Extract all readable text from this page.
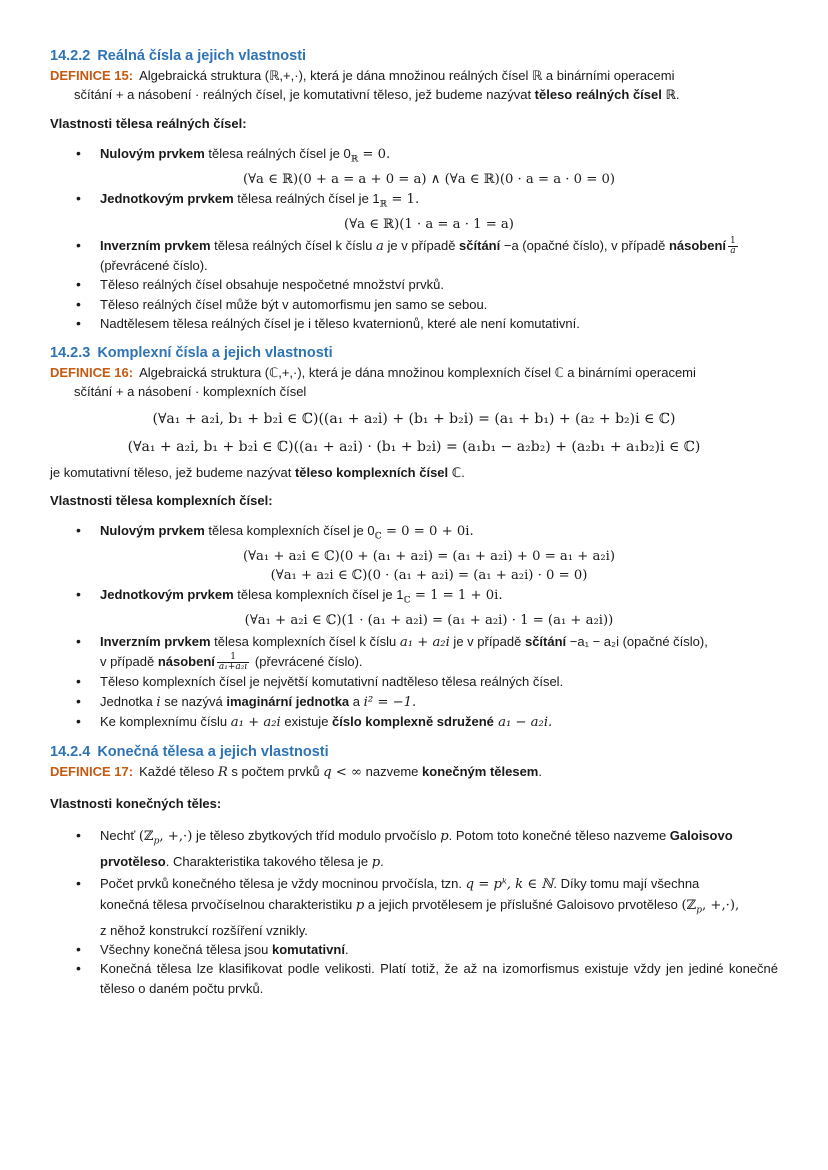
14.2.2 Reálná čísla a jejich vlastnosti
DEFINICE 15: Algebraická struktura (ℝ,+,·), která je dána množinou reálných čísel ℝ a binárními operacemi
sčítání + a násobení · reálných čísel, je komutativní těleso, jež budeme nazývat těleso reálných čísel ℝ.
Vlastnosti tělesa reálných čísel:
• Nulovým prvkem tělesa reálných čísel je $0_ℝ = 0$.
(∀a ∈ ℝ)(0 + a = a + 0 = a) ∧ (∀a ∈ ℝ)(0 · a = a · 0 = 0)
• Jednotkovým prvkem tělesa reálných čísel je $1_ℝ = 1$.
(∀a ∈ ℝ)(1 · a = a · 1 = a)
• Inverzním prvkem tělesa reálných čísel k číslu a je v případě sčítání −a (opačné číslo), v případě násobení $\frac{1}{a}$

(převrácené číslo).
• Těleso reálných čísel obsahuje nespočetné množství prvků.
• Těleso reálných čísel může být v automorfismu jen samo se sebou.
• Nadtělesem tělesa reálných čísel je i těleso kvaternionů, které ale není komutativní.
14.2.3 Komplexní čísla a jejich vlastnosti
DEFINICE 16: Algebraická struktura (ℂ,+,·), která je dána množinou komplexních čísel ℂ a binárními operacemi
sčítání + a násobení · komplexních čísel
(∀a₁ + a₂i, b₁ + b₂i ∈ ℂ)((a₁ + a₂i) + (b₁ + b₂i) = (a₁ + b₁) + (a₂ + b₂)i ∈ ℂ)
(∀a₁ + a₂i, b₁ + b₂i ∈ ℂ)((a₁ + a₂i) · (b₁ + b₂i) = (a₁b₁ − a₂b₂) + (a₂b₁ + a₁b₂)i ∈ ℂ)
je komutativní těleso, jež budeme nazývat těleso komplexních čísel ℂ.
Vlastnosti tělesa komplexních čísel:
• Nulovým prvkem tělesa komplexních čísel je $0_ℂ = 0 = 0 + 0i$.
(∀a₁ + a₂i ∈ ℂ)(0 + (a₁ + a₂i) = (a₁ + a₂i) + 0 = a₁ + a₂i)
(∀a₁ + a₂i ∈ ℂ)(0 · (a₁ + a₂i) = (a₁ + a₂i) · 0 = 0)
• Jednotkovým prvkem tělesa komplexních čísel je $1_ℂ = 1 = 1 + 0i$.
(∀a₁ + a₂i ∈ ℂ)(1 · (a₁ + a₂i) = (a₁ + a₂i) · 1 = (a₁ + a₂i))
• Inverzním prvkem tělesa komplexních čísel k číslu a₁ + a₂i je v případě sčítání −a₁ − a₂i (opačné číslo),
v případě násobení $\frac{1}{\text{a₁+a₂i}}$ (převrácené číslo).
• Těleso komplexních čísel je největší komutativní nadtěleso tělesa reálných čísel.
• Jednotka i se nazývá imaginární jednotka a i² = −1.
• Ke komplexnímu číslu a₁ + a₂i existuje číslo komplexně sdružené a₁ − a₂i.
14.2.4 Konečná tělesa a jejich vlastnosti
DEFINICE 17: Každé těleso R s počtem prvků q < ∞ nazveme konečným tělesem.
Vlastnosti konečných těles:
• Nechť (ℤ$_p$, +,·) je těleso zbytkových tříd modulo prvočíslo p. Potom toto konečné těleso nazveme Galoisovo
prvotěleso. Charakteristika takového tělesa je p.
• Počet prvků konečného tělesa je vždy mocninou prvočísla, tzn. q = pᵏ, k ∈ ℕ. Díky tomu mají všechna
konečná tělesa prvočíselnou charakteristiku p a jejich prvotělesem je příslušné Galoisovo prvotěleso (ℤ$_p$, +,·),
z něhož konstrukcí rozšíření vznikly.
• Všechny konečná tělesa jsou komutativní.
• Konečná tělesa lze klasifikovat podle velikosti. Platí totiž, že až na izomorfismus existuje vždy jen jediné konečné těleso o daném počtu prvků.
